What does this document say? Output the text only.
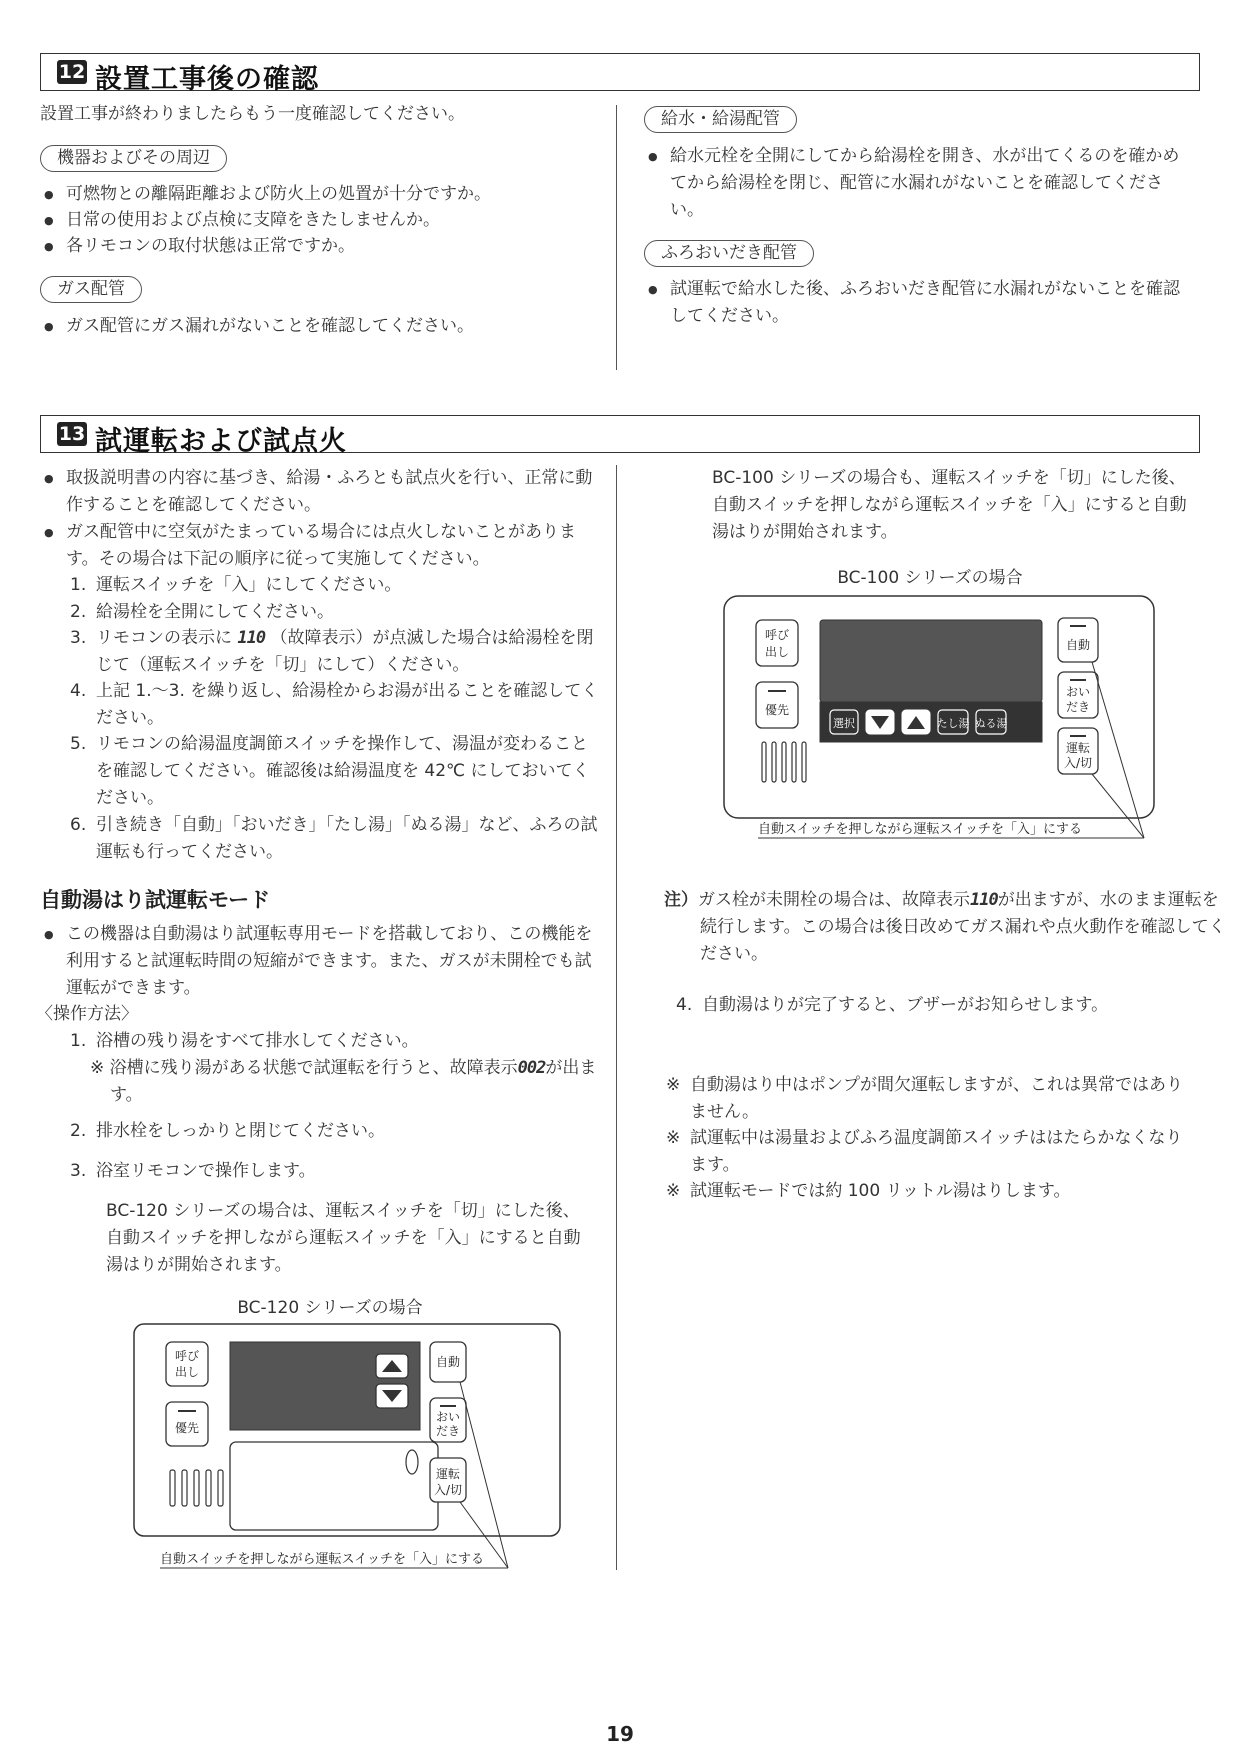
12 設置工事後の確認
設置工事が終わりましたらもう一度確認してください。
機器およびその周辺
● 可燃物との離隔距離および防火上の処置が十分ですか。
● 日常の使用および点検に支障をきたしませんか。
● 各リモコンの取付状態は正常ですか。
ガス配管
● ガス配管にガス漏れがないことを確認してください。
給水・給湯配管
● 給水元栓を全開にしてから給湯栓を開き、水が出てくるのを確かめてから給湯栓を閉じ、配管に水漏れがないことを確認してください。
ふろおいだき配管
● 試運転で給水した後、ふろおいだき配管に水漏れがないことを確認してください。
13 試運転および試点火
● 取扱説明書の内容に基づき、給湯・ふろとも試点火を行い、正常に動作することを確認してください。
● ガス配管中に空気がたまっている場合には点火しないことがあります。その場合は下記の順序に従って実施してください。
1. 運転スイッチを「入」にしてください。
2. 給湯栓を全開にしてください。
3. リモコンの表示に 110 （故障表示）が点滅した場合は給湯栓を閉じて（運転スイッチを「切」にして）ください。
4. 上記 1.～3. を繰り返し、給湯栓からお湯が出ることを確認してください。
5. リモコンの給湯温度調節スイッチを操作して、湯温が変わることを確認してください。確認後は給湯温度を 42℃ にしておいてください。
6. 引き続き「自動」「おいだき」「たし湯」「ぬる湯」など、ふろの試運転も行ってください。
自動湯はり試運転モード
● この機器は自動湯はり試運転専用モードを搭載しており、この機能を利用すると試運転時間の短縮ができます。また、ガスが未開栓でも試運転ができます。
〈操作方法〉
1. 浴槽の残り湯をすべて排水してください。
※ 浴槽に残り湯がある状態で試運転を行うと、故障表示002が出ます。
2. 排水栓をしっかりと閉じてください。
3. 浴室リモコンで操作します。
BC-120 シリーズの場合は、運転スイッチを「切」にした後、自動スイッチを押しながら運転スイッチを「入」にすると自動湯はりが開始されます。
BC-120 シリーズの場合
呼び
出し
優先
自動
おい
だき
運転
入/切
自動スイッチを押しながら運転スイッチを「入」にする
BC-100 シリーズの場合も、運転スイッチを「切」にした後、自動スイッチを押しながら運転スイッチを「入」にすると自動湯はりが開始されます。
BC-100 シリーズの場合
呼び
出し
優先
選択	たし湯 ぬる湯
自動
おい
だき
運転
入/切
自動スイッチを押しながら運転スイッチを「入」にする
注）ガス栓が未開栓の場合は、故障表示110が出ますが、水のまま運転を続行します。この場合は後日改めてガス漏れや点火動作を確認してください。
4. 自動湯はりが完了すると、ブザーがお知らせします。
※ 自動湯はり中はポンプが間欠運転しますが、これは異常ではありません。
※ 試運転中は湯量およびふろ温度調節スイッチははたらかなくなります。
※ 試運転モードでは約 100 リットル湯はりします。
19
